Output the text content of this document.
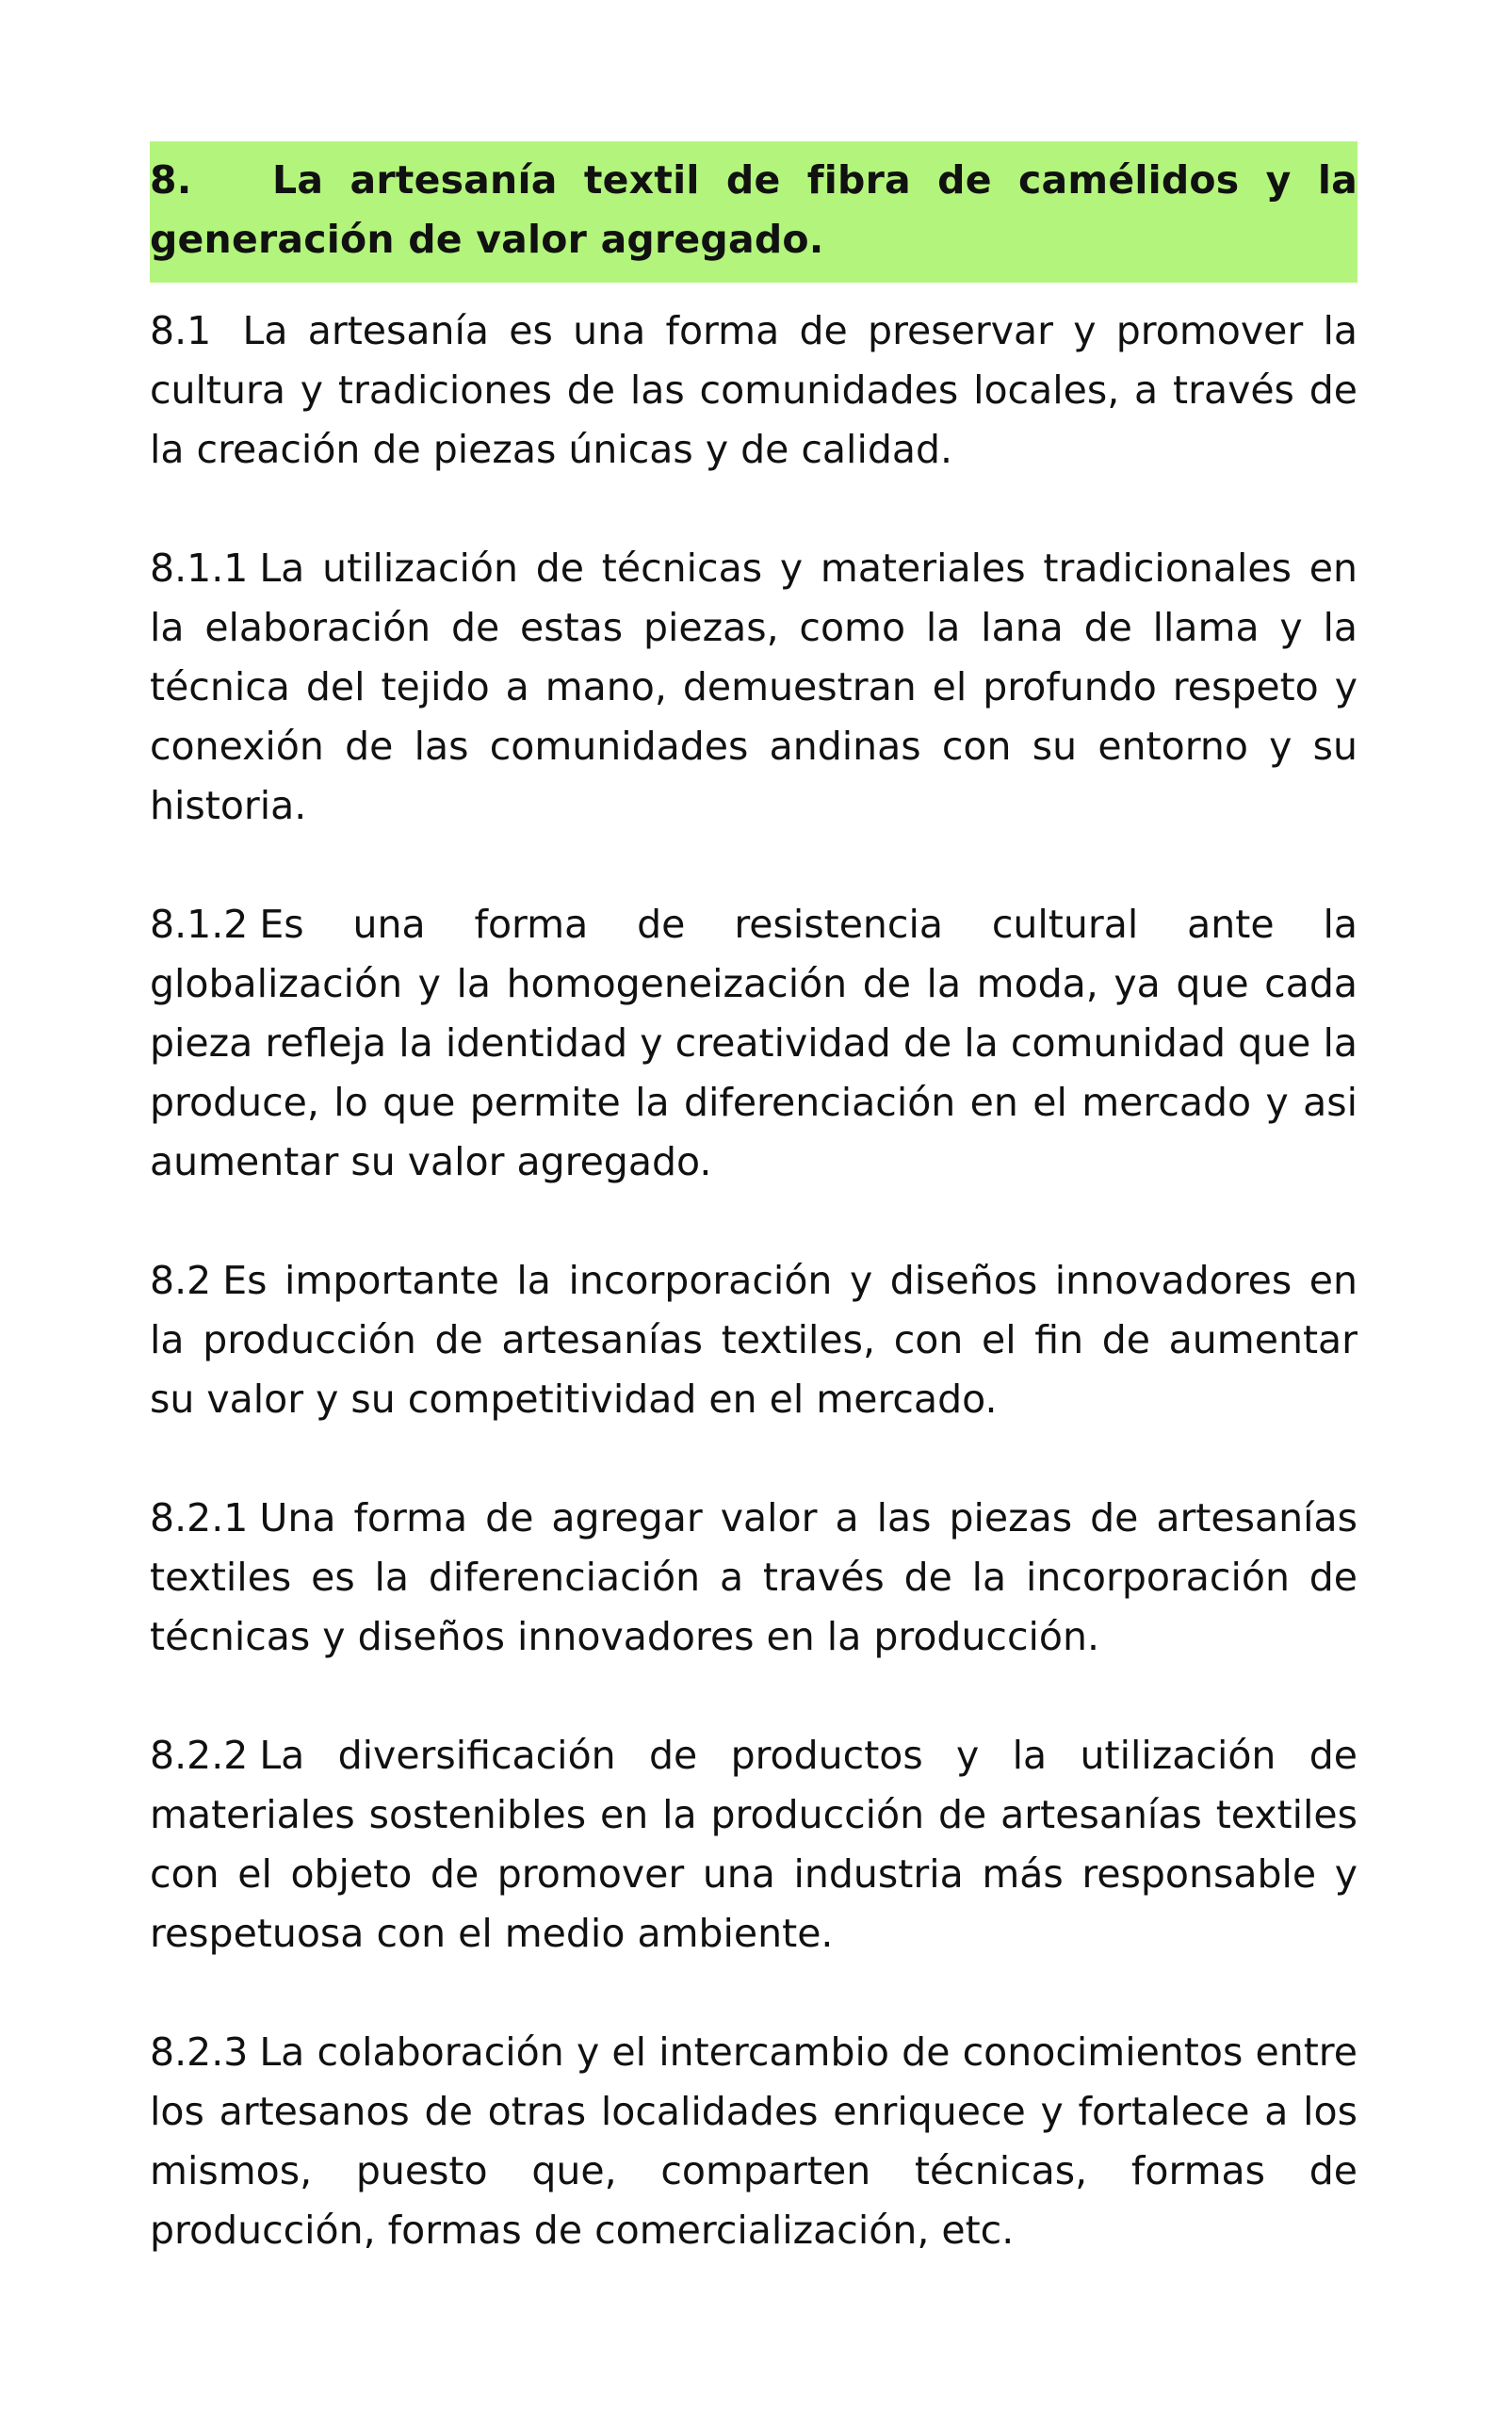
8. La artesanía textil de fibra de camélidos y la generación de valor agregado.

8.1 La artesanía es una forma de preservar y promover la cultura y tradiciones de las comunidades locales, a través de la creación de piezas únicas y de calidad.

8.1.1 La utilización de técnicas y materiales tradicionales en la elaboración de estas piezas, como la lana de llama y la técnica del tejido a mano, demuestran el profundo respeto y conexión de las comunidades andinas con su entorno y su historia.

8.1.2 Es una forma de resistencia cultural ante la globalización y la homogeneización de la moda, ya que cada pieza refleja la identidad y creatividad de la comunidad que la produce, lo que permite la diferenciación en el mercado y asi aumentar su valor agregado.

8.2 Es importante la incorporación y diseños innovadores en la producción de artesanías textiles, con el fin de aumentar su valor y su competitividad en el mercado.

8.2.1 Una forma de agregar valor a las piezas de artesanías textiles es la diferenciación a través de la incorporación de técnicas y diseños innovadores en la producción.

8.2.2 La diversificación de productos y la utilización de materiales sostenibles en la producción de artesanías textiles con el objeto de promover una industria más responsable y respetuosa con el medio ambiente.

8.2.3 La colaboración y el intercambio de conocimientos entre los artesanos de otras localidades enriquece y fortalece a los mismos, puesto que, comparten técnicas, formas de producción, formas de comercialización, etc.
